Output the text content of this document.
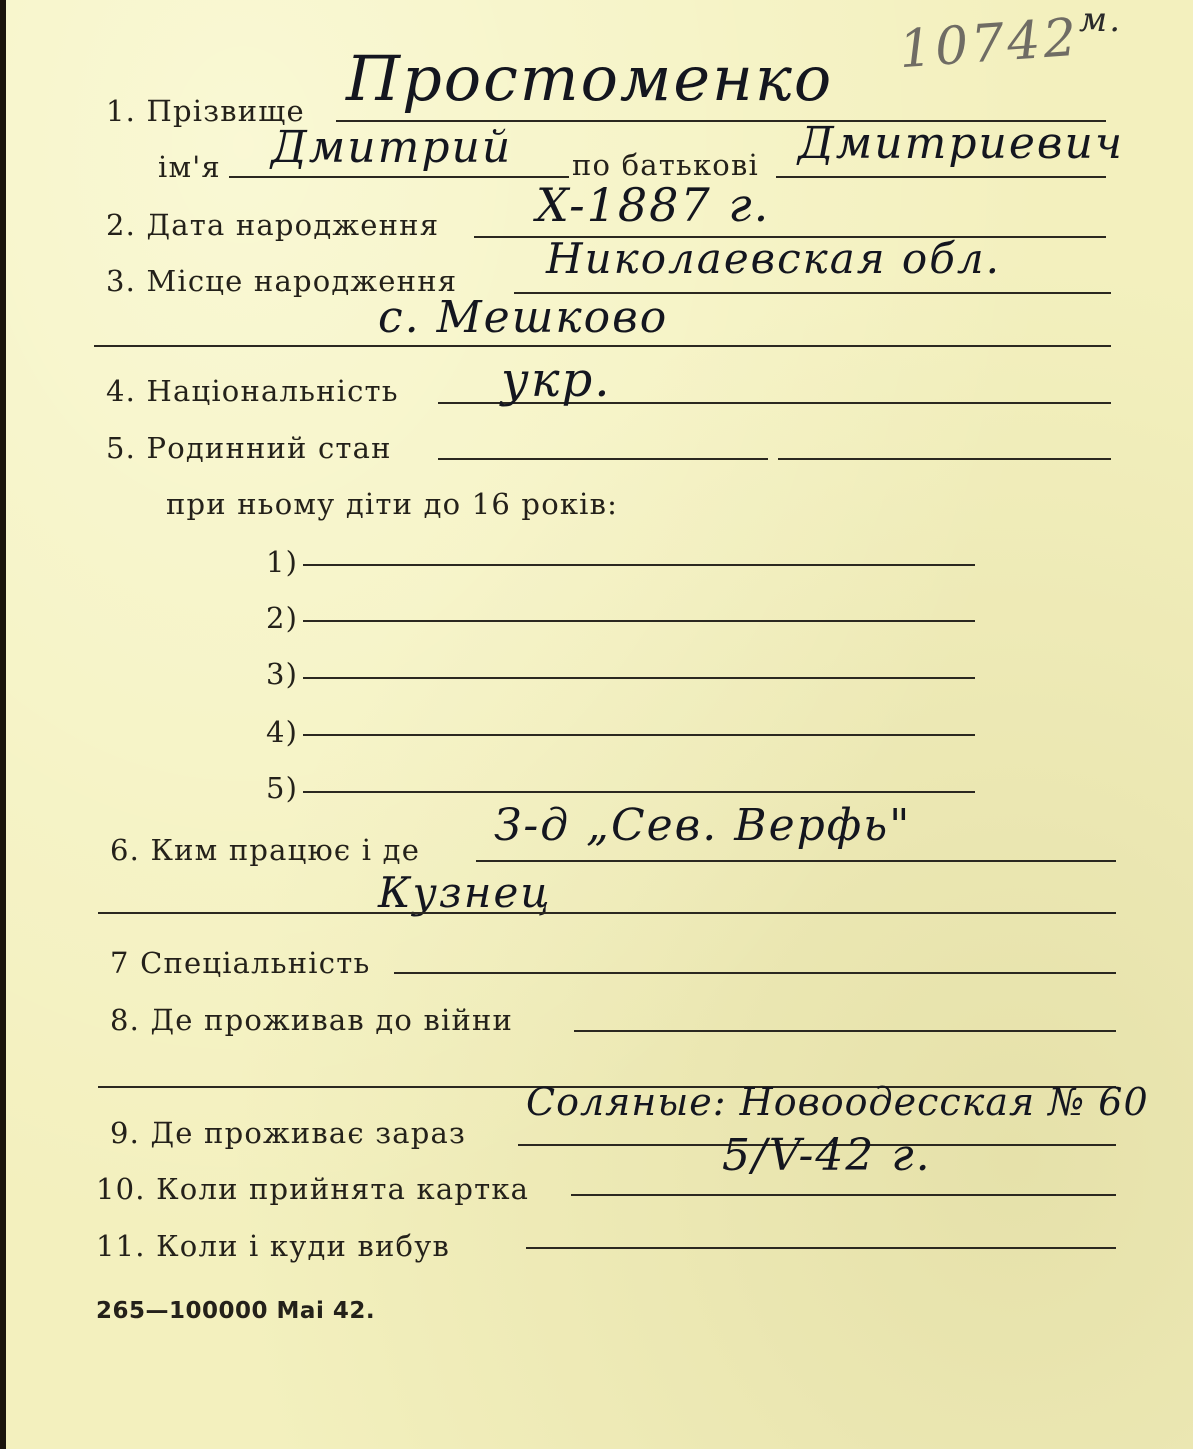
10742
м.
1. Прізвище Простоменко
ім'я Дмитрий по батькові Дмитриевич
2. Дата народження X-1887 г.
3. Місце народження Николаевская обл.
с. Мешково
4. Національність укр.
5. Родинний стан
при ньому діти до 16 років:
1)
2)
3)
4)
5)
6. Ким працює і де З-д „Сев. Верфь"
Кузнец
7 Спеціальність
8. Де проживав до війни
9. Де проживає зараз
Соляные: Новоодесская № 60
10. Коли прийнята картка
5/V-42 г.
11. Коли і куди вибув
265—100000 Mai 42.
